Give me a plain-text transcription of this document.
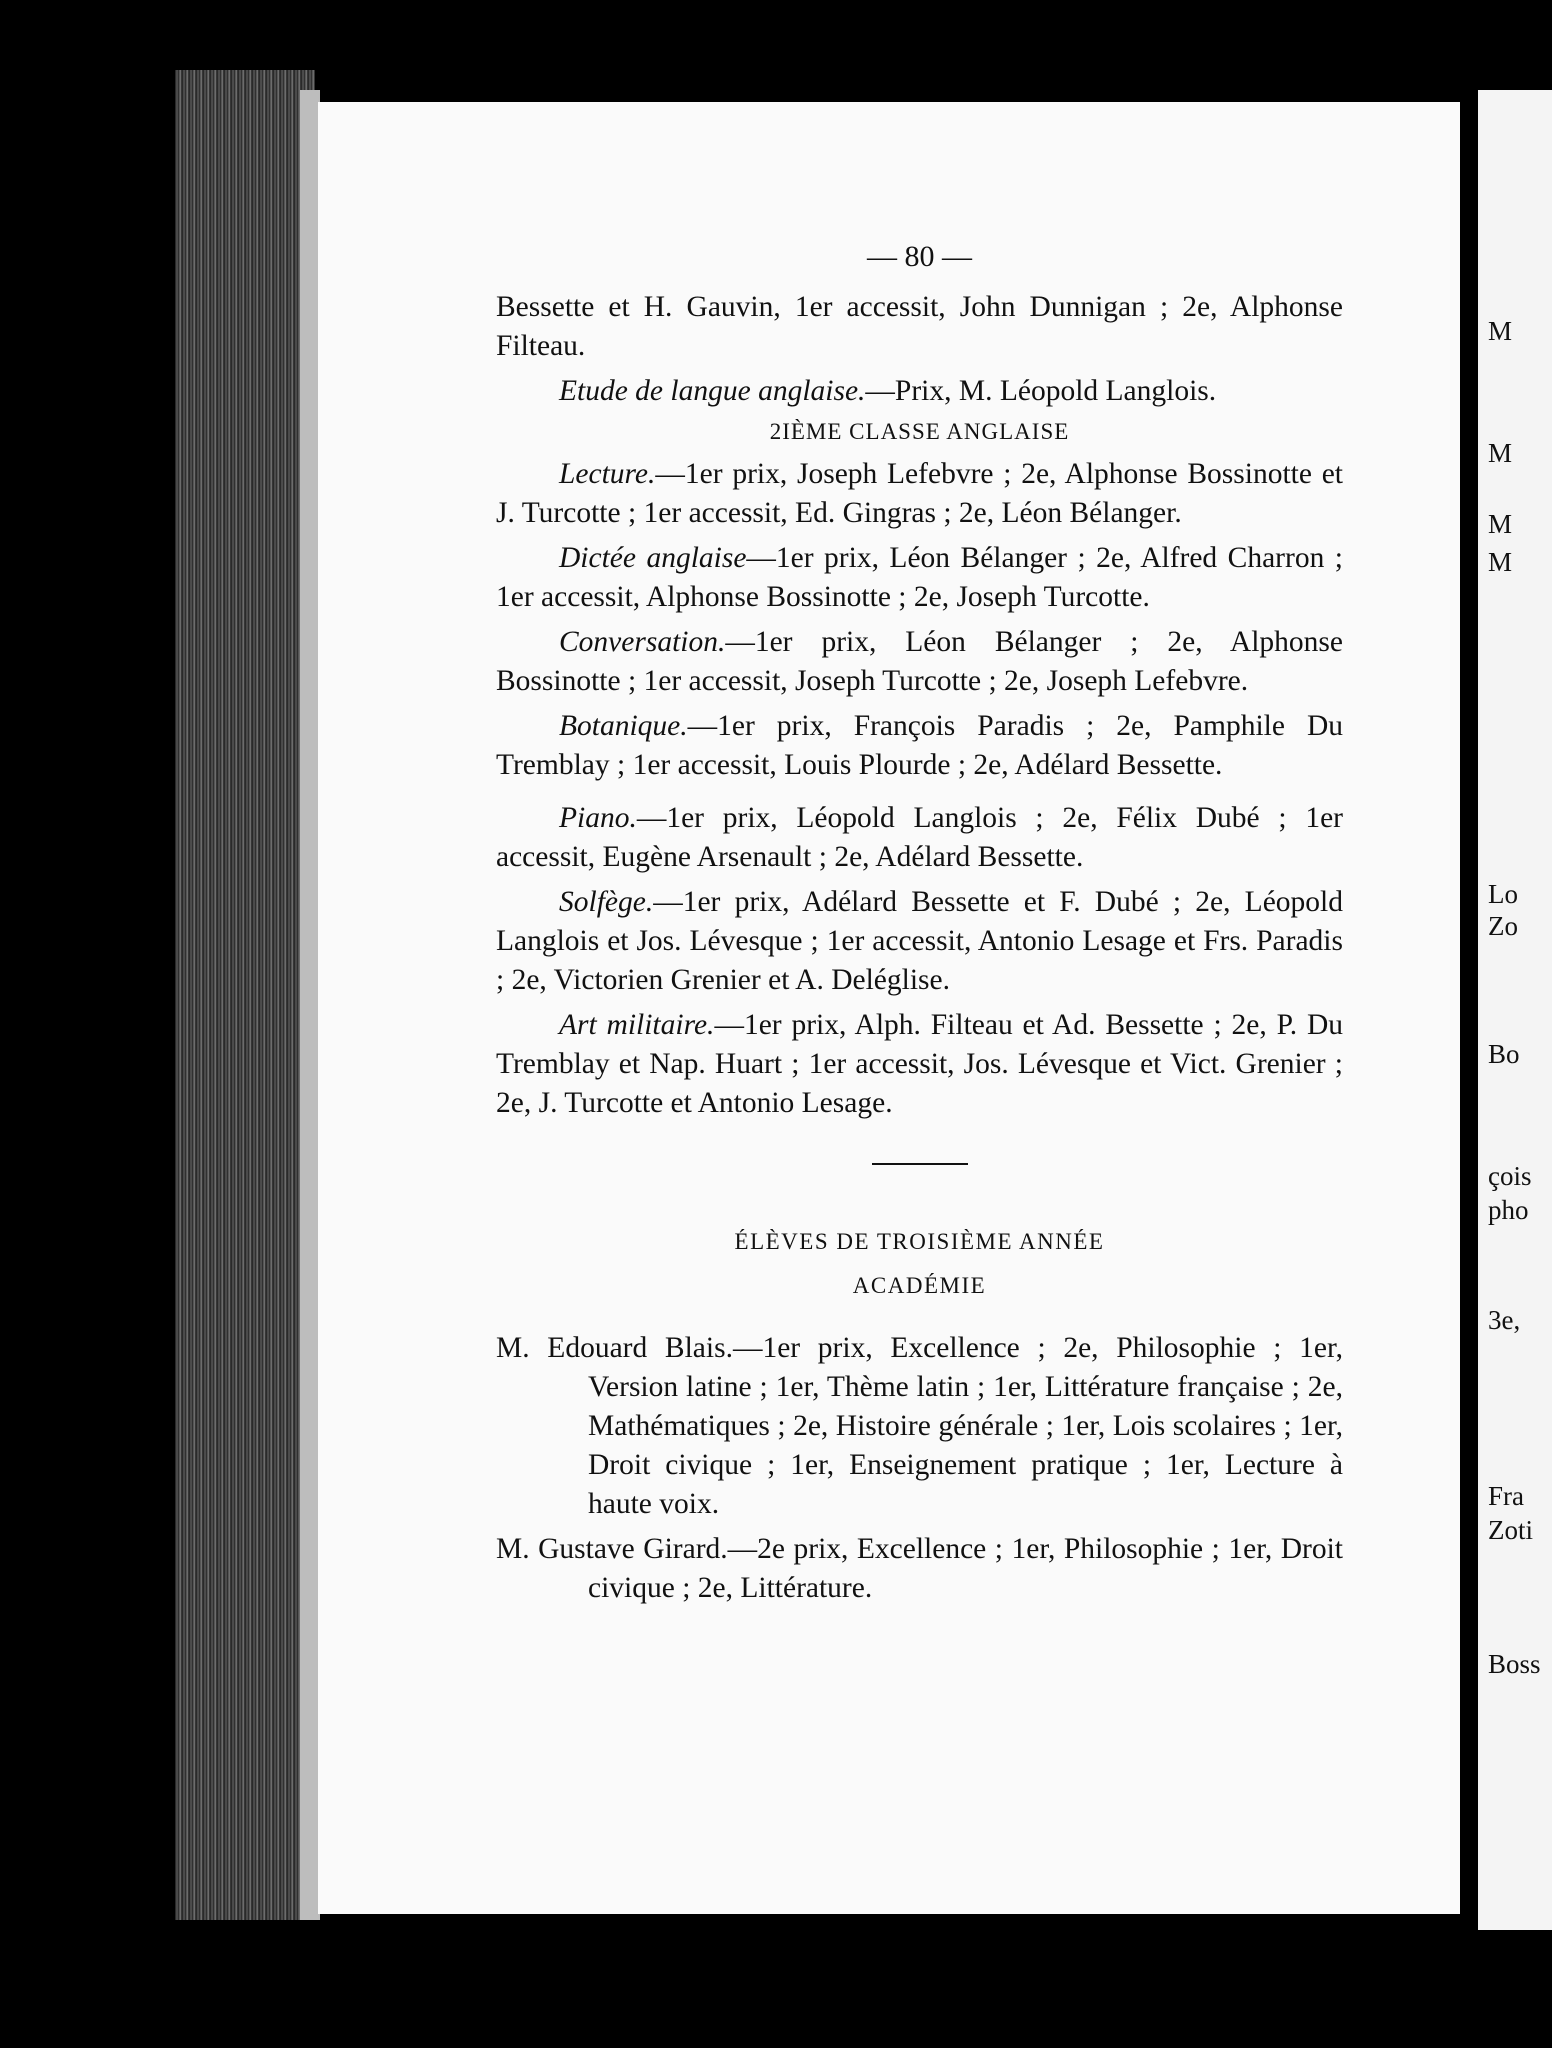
— 80 —

Bessette et H. Gauvin, 1er accessit, John Dunnigan ; 2e, Alphonse Filteau.

Etude de langue anglaise.—Prix, M. Léopold Langlois.

2IÈME CLASSE ANGLAISE

Lecture.—1er prix, Joseph Lefebvre ; 2e, Alphonse Bossinotte et J. Turcotte ; 1er accessit, Ed. Gingras ; 2e, Léon Bélanger.

Dictée anglaise—1er prix, Léon Bélanger ; 2e, Alfred Charron ; 1er accessit, Alphonse Bossinotte ; 2e, Joseph Turcotte.

Conversation.—1er prix, Léon Bélanger ; 2e, Alphonse Bossinotte ; 1er accessit, Joseph Turcotte ; 2e, Joseph Lefebvre.

Botanique.—1er prix, François Paradis ; 2e, Pamphile Du Tremblay ; 1er accessit, Louis Plourde ; 2e, Adélard Bessette.

Piano.—1er prix, Léopold Langlois ; 2e, Félix Dubé ; 1er accessit, Eugène Arsenault ; 2e, Adélard Bessette.

Solfège.—1er prix, Adélard Bessette et F. Dubé ; 2e, Léopold Langlois et Jos. Lévesque ; 1er accessit, Antonio Lesage et Frs. Paradis ; 2e, Victorien Grenier et A. Deléglise.

Art militaire.—1er prix, Alph. Filteau et Ad. Bessette ; 2e, P. Du Tremblay et Nap. Huart ; 1er accessit, Jos. Lévesque et Vict. Grenier ; 2e, J. Turcotte et Antonio Lesage.

ÉLÈVES DE TROISIÈME ANNÉE
ACADÉMIE
M. Edouard Blais.—1er prix, Excellence ; 2e, Philosophie ; 1er, Version latine ; 1er, Thème latin ; 1er, Littérature française ; 2e, Mathématiques ; 2e, Histoire générale ; 1er, Lois scolaires ; 1er, Droit civique ; 1er, Enseignement pratique ; 1er, Lecture à haute voix.
M. Gustave Girard.—2e prix, Excellence ; 1er, Philosophie ; 1er, Droit civique ; 2e, Littérature.
M
M
M
M
Lo
Zo
Bo
çois
pho
3e,
Fra
Zoti
Boss
